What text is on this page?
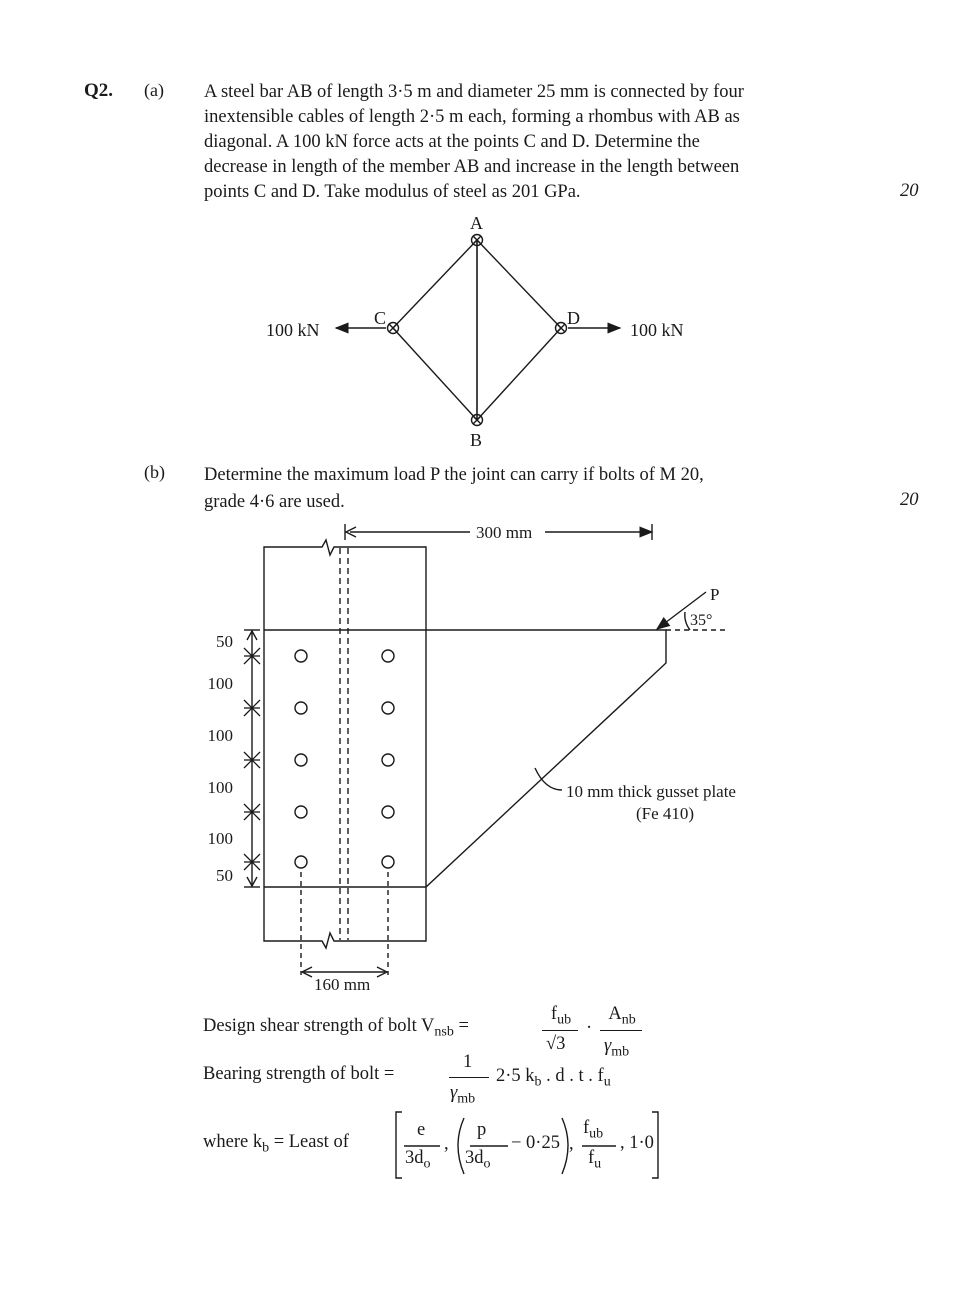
Q2. (a) A steel bar AB of length 3·5 m and diameter 25 mm is connected by four
inextensible cables of length 2·5 m each, forming a rhombus with AB as
diagonal. A 100 kN force acts at the points C and D. Determine the
decrease in length of the member AB and increase in the length between
points C and D. Take modulus of steel as 201 GPa.	20
A
B
C	D
100 kN	100 kN
(b) Determine the maximum load P the joint can carry if bolts of M 20,
grade 4·6 are used.	20
300 mm
P
35°
10 mm thick gusset plate
(Fe 410)
160 mm
50
100
100
100
100
50
Design shear strength of bolt $V_{nsb}$ =
$f_{ub}$
√3
·
$A_{nb}$
$\gamma_{mb}$
Bearing strength of bolt =
1
$\gamma_{mb}$
2·5 $k_b$ . d . t . $f_u$
where $k_b$ = Least of
e
$3d_o$
,
p
$3d_o$
− 0·25 ,
$f_{ub}$
$f_u$
, 1·0
